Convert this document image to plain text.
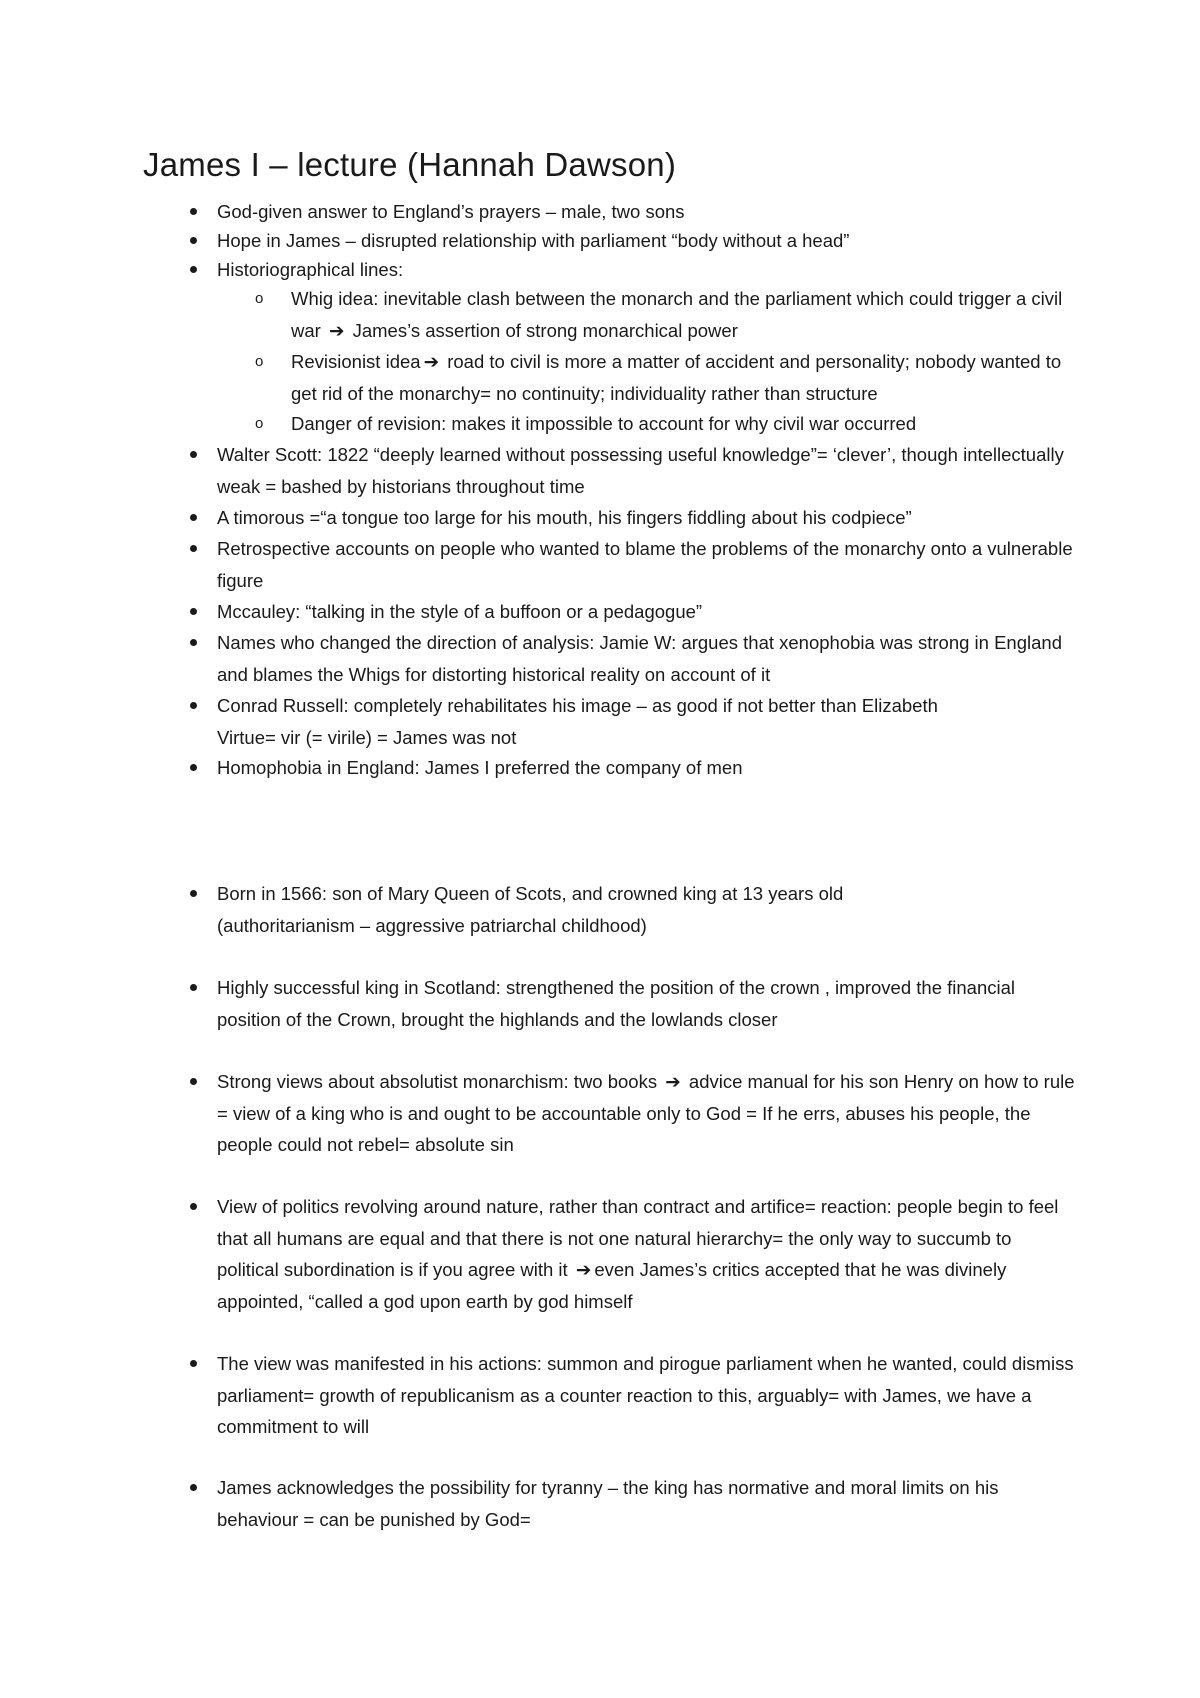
James I – lecture (Hannah Dawson)
God-given answer to England’s prayers – male, two sons
Hope in James – disrupted relationship with parliament “body without a head”
Historiographical lines:
o Whig idea: inevitable clash between the monarch and the parliament which could trigger a civil war ➔ James’s assertion of strong monarchical power
o Revisionist idea ➔ road to civil is more a matter of accident and personality; nobody wanted to get rid of the monarchy= no continuity; individuality rather than structure
o Danger of revision: makes it impossible to account for why civil war occurred
Walter Scott: 1822 “deeply learned without possessing useful knowledge”= ‘clever’, though intellectually weak = bashed by historians throughout time
A timorous =“a tongue too large for his mouth, his fingers fiddling about his codpiece”
Retrospective accounts on people who wanted to blame the problems of the monarchy onto a vulnerable figure
Mccauley: “talking in the style of a buffoon or a pedagogue”
Names who changed the direction of analysis: Jamie W: argues that xenophobia was strong in England and blames the Whigs for distorting historical reality on account of it
Conrad Russell: completely rehabilitates his image – as good if not better than Elizabeth
Virtue= vir (= virile) = James was not
Homophobia in England: James I preferred the company of men
Born in 1566: son of Mary Queen of Scots, and crowned king at 13 years old
(authoritarianism – aggressive patriarchal childhood)
Highly successful king in Scotland: strengthened the position of the crown , improved the financial position of the Crown, brought the highlands and the lowlands closer
Strong views about absolutist monarchism: two books ➔ advice manual for his son Henry on how to rule = view of a king who is and ought to be accountable only to God = If he errs, abuses his people, the people could not rebel= absolute sin
View of politics revolving around nature, rather than contract and artifice= reaction: people begin to feel that all humans are equal and that there is not one natural hierarchy= the only way to succumb to political subordination is if you agree with it ➔ even James’s critics accepted that he was divinely appointed, “called a god upon earth by god himself
The view was manifested in his actions: summon and pirogue parliament when he wanted, could dismiss parliament= growth of republicanism as a counter reaction to this, arguably= with James, we have a commitment to will
James acknowledges the possibility for tyranny – the king has normative and moral limits on his behaviour = can be punished by God=
